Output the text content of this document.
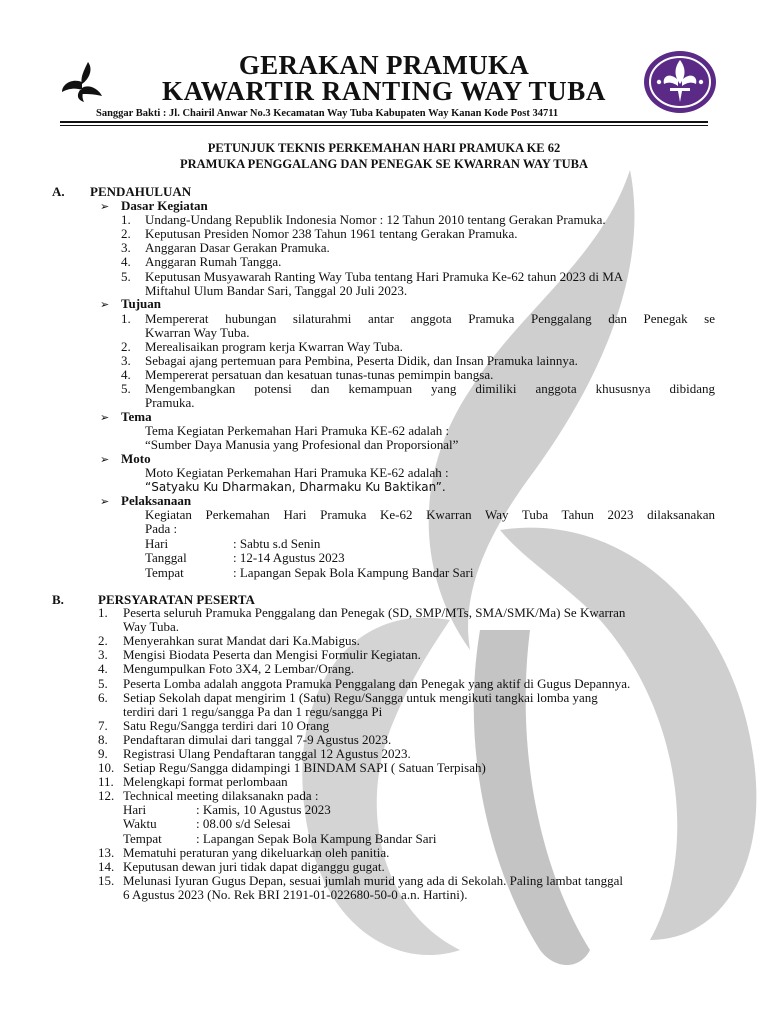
GERAKAN PRAMUKA
KAWARTIR RANTING WAY TUBA
Sanggar Bakti : Jl. Chairil Anwar No.3 Kecamatan Way Tuba Kabupaten Way Kanan Kode Post 34711
PETUNJUK TEKNIS PERKEMAHAN HARI PRAMUKA KE 62
PRAMUKA PENGGALANG DAN PENEGAK SE KWARRAN WAY TUBA
A. PENDAHULUAN
➢ Dasar Kegiatan
1. Undang-Undang Republik Indonesia Nomor : 12 Tahun 2010 tentang Gerakan Pramuka.
2. Keputusan Presiden Nomor 238 Tahun 1961 tentang Gerakan Pramuka.
3. Anggaran Dasar Gerakan Pramuka.
4. Anggaran Rumah Tangga.
5. Keputusan Musyawarah Ranting Way Tuba tentang Hari Pramuka Ke-62 tahun 2023 di MA
Miftahul Ulum Bandar Sari, Tanggal 20 Juli 2023.
➢ Tujuan
1. Mempererat hubungan silaturahmi antar anggota Pramuka Penggalang dan Penegak se
Kwarran Way Tuba.
2. Merealisaikan program kerja Kwarran Way Tuba.
3. Sebagai ajang pertemuan para Pembina, Peserta Didik, dan Insan Pramuka lainnya.
4. Mempererat persatuan dan kesatuan tunas-tunas pemimpin bangsa.
5. Mengembangkan potensi dan kemampuan yang dimiliki anggota khususnya dibidang
Pramuka.
➢ Tema
Tema Kegiatan Perkemahan Hari Pramuka KE-62 adalah :
“Sumber Daya Manusia yang Profesional dan Proporsional”
➢ Moto
Moto Kegiatan Perkemahan Hari Pramuka KE-62 adalah :
“Satyaku Ku Dharmakan, Dharmaku Ku Baktikan”.
➢ Pelaksanaan
Kegiatan Perkemahan Hari Pramuka Ke-62 Kwarran Way Tuba Tahun 2023 dilaksanakan
Pada :
Hari	: Sabtu s.d Senin
Tanggal	: 12-14 Agustus 2023
Tempat	: Lapangan Sepak Bola Kampung Bandar Sari
B.	PERSYARATAN PESERTA
1. Peserta seluruh Pramuka Penggalang dan Penegak (SD, SMP/MTs, SMA/SMK/Ma) Se Kwarran
Way Tuba.
2. Menyerahkan surat Mandat dari Ka.Mabigus.
3. Mengisi Biodata Peserta dan Mengisi Formulir Kegiatan.
4. Mengumpulkan Foto 3X4, 2 Lembar/Orang.
5. Peserta Lomba adalah anggota Pramuka Penggalang dan Penegak yang aktif di Gugus Depannya.
6. Setiap Sekolah dapat mengirim 1 (Satu) Regu/Sangga untuk mengikuti tangkai lomba yang
terdiri dari 1 regu/sangga Pa dan 1 regu/sangga Pi
7. Satu Regu/Sangga terdiri dari 10 Orang
8. Pendaftaran dimulai dari tanggal 7-9 Agustus 2023.
9. Registrasi Ulang Pendaftaran tanggal 12 Agustus 2023.
10. Setiap Regu/Sangga didampingi 1 BINDAM SAPI ( Satuan Terpisah)
11. Melengkapi format perlombaan
12. Technical meeting dilaksanakn pada :
Hari	: Kamis, 10 Agustus 2023
Waktu	: 08.00 s/d Selesai
Tempat	: Lapangan Sepak Bola Kampung Bandar Sari
13. Mematuhi peraturan yang dikeluarkan oleh panitia.
14. Keputusan dewan juri tidak dapat diganggu gugat.
15. Melunasi Iyuran Gugus Depan, sesuai jumlah murid yang ada di Sekolah. Paling lambat tanggal
6 Agustus 2023 (No. Rek BRI 2191-01-022680-50-0 a.n. Hartini).
